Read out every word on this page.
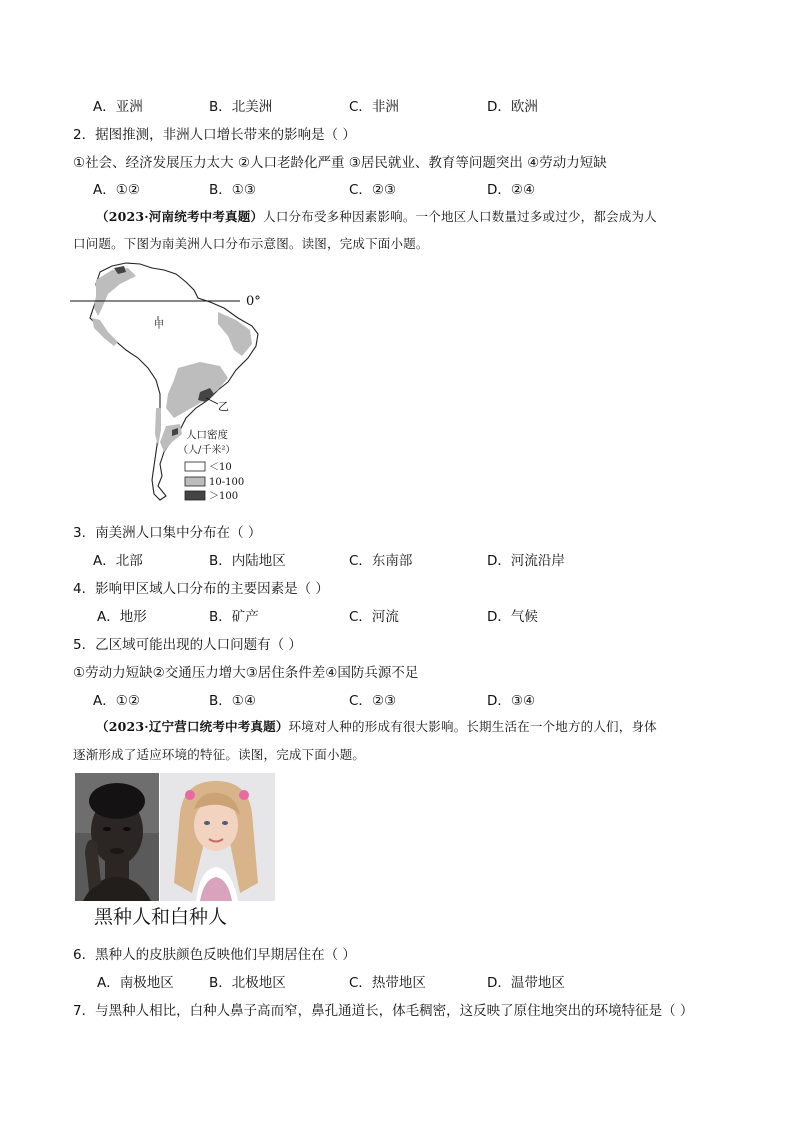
A．亚洲	B．北美洲	C．非洲	D．欧洲
2．据图推测，非洲人口增长带来的影响是（ ）
①社会、经济发展压力太大 ②人口老龄化严重 ③居民就业、教育等问题突出 ④劳动力短缺
A．①②	B．①③	C．②③	D．②④
（2023·河南统考中考真题）人口分布受多种因素影响。一个地区人口数量过多或过少，都会成为人
口问题。下图为南美洲人口分布示意图。读图，完成下面小题。
0°
甲
乙
人口密度
（人/千米²）
＜10
10-100
＞100
3．南美洲人口集中分布在（ ）
A．北部	B．内陆地区	C．东南部	D．河流沿岸
4．影响甲区域人口分布的主要因素是（ ）
A．地形	B．矿产	C．河流	D．气候
5．乙区域可能出现的人口问题有（ ）
①劳动力短缺②交通压力增大③居住条件差④国防兵源不足
A．①②	B．①④	C．②③	D．③④
（2023·辽宁营口统考中考真题）环境对人种的形成有很大影响。长期生活在一个地方的人们，身体
逐渐形成了适应环境的特征。读图，完成下面小题。
黑种人和白种人
6．黑种人的皮肤颜色反映他们早期居住在（ ）
A．南极地区	B．北极地区	C．热带地区	D．温带地区
7．与黑种人相比，白种人鼻子高而窄，鼻孔通道长，体毛稠密，这反映了原住地突出的环境特征是（ ）
